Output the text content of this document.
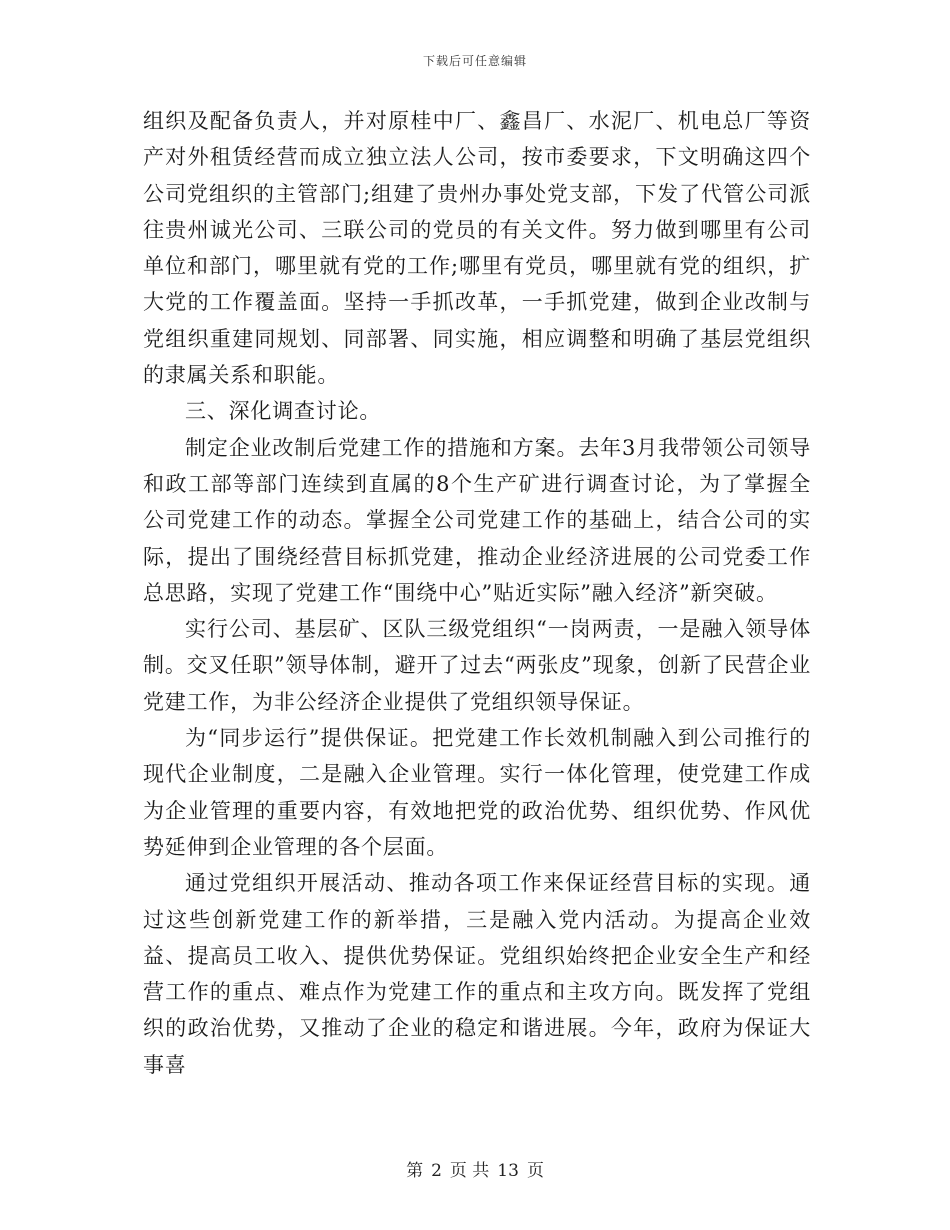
下载后可任意编辑

组织及配备负责人，并对原桂中厂、鑫昌厂、水泥厂、机电总厂等资产对外租赁经营而成立独立法人公司，按市委要求，下文明确这四个公司党组织的主管部门;组建了贵州办事处党支部，下发了代管公司派往贵州诚光公司、三联公司的党员的有关文件。努力做到哪里有公司单位和部门，哪里就有党的工作;哪里有党员，哪里就有党的组织，扩大党的工作覆盖面。坚持一手抓改革，一手抓党建，做到企业改制与党组织重建同规划、同部署、同实施，相应调整和明确了基层党组织的隶属关系和职能。

三、深化调查讨论。

制定企业改制后党建工作的措施和方案。去年3月我带领公司领导和政工部等部门连续到直属的8个生产矿进行调查讨论，为了掌握全公司党建工作的动态。掌握全公司党建工作的基础上，结合公司的实际，提出了围绕经营目标抓党建，推动企业经济进展的公司党委工作总思路，实现了党建工作“围绕中心”贴近实际”融入经济”新突破。

实行公司、基层矿、区队三级党组织“一岗两责，一是融入领导体制。交叉任职”领导体制，避开了过去“两张皮”现象，创新了民营企业党建工作，为非公经济企业提供了党组织领导保证。

为“同步运行”提供保证。把党建工作长效机制融入到公司推行的现代企业制度，二是融入企业管理。实行一体化管理，使党建工作成为企业管理的重要内容，有效地把党的政治优势、组织优势、作风优势延伸到企业管理的各个层面。

通过党组织开展活动、推动各项工作来保证经营目标的实现。通过这些创新党建工作的新举措，三是融入党内活动。为提高企业效益、提高员工收入、提供优势保证。党组织始终把企业安全生产和经营工作的重点、难点作为党建工作的重点和主攻方向。既发挥了党组织的政治优势，又推动了企业的稳定和谐进展。今年，政府为保证大事喜

第 2 页 共 13 页
